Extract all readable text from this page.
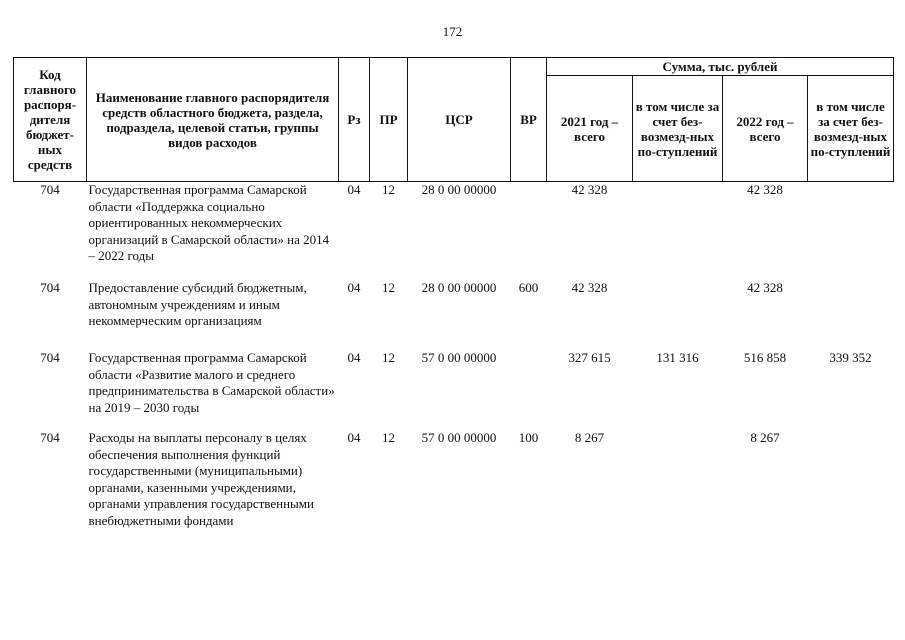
172
Код главного распоря-дителя бюджет-ных средств	Наименование главного распорядителя средств областного бюджета, раздела, подраздела, целевой статьи, группы видов расходов	Рз	ПР	ЦСР	ВР	Сумма, тыс. рублей			
						2021 год – всего	в том числе за счет без-возмезд-ных по-ступлений	2022 год – всего	в том числе за счет без-возмезд-ных по-ступлений
704	Государственная программа Самарской области «Поддержка социально ориентированных некоммерческих организаций в Самарской области» на 2014 – 2022 годы	04	12	28 0 00 00000		42 328		42 328	
704	Предоставление субсидий бюджетным, автономным учреждениям и иным некоммерческим организациям	04	12	28 0 00 00000	600	42 328		42 328	
704	Государственная программа Самарской области «Развитие малого и среднего предпринимательства в Самарской области» на 2019 – 2030 годы	04	12	57 0 00 00000		327 615	131 316	516 858	339 352
704	Расходы на выплаты персоналу в целях обеспечения выполнения функций государственными (муниципальными) органами, казенными учреждениями, органами управления государственными внебюджетными фондами	04	12	57 0 00 00000	100	8 267		8 267	
